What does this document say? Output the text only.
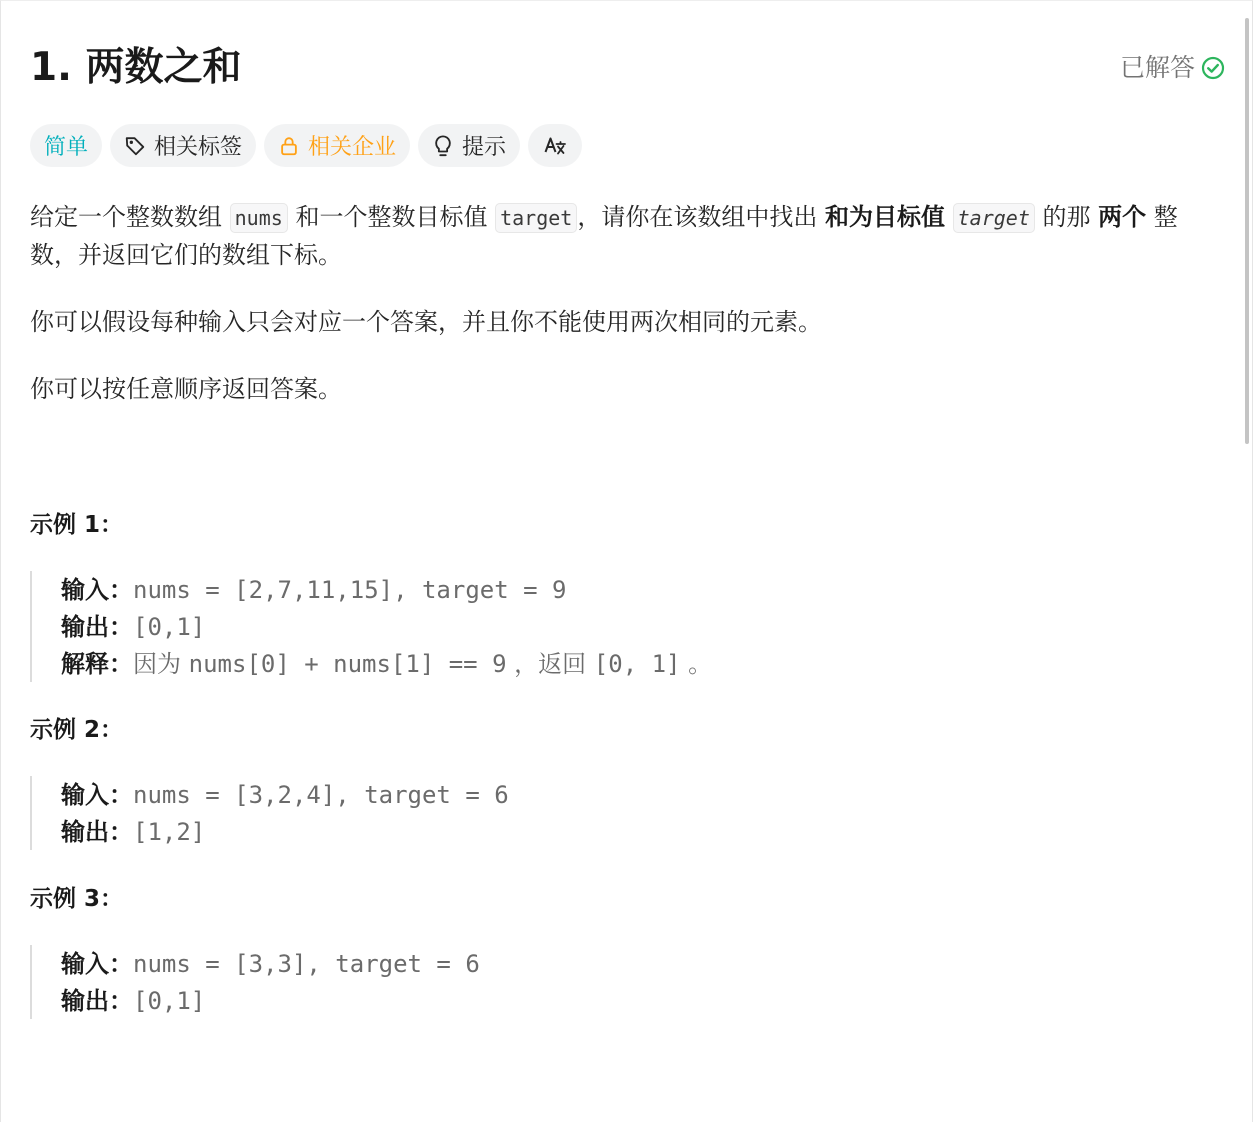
1. 两数之和	已解答
简单	相关标签	相关企业	提示
给定一个整数数组 nums 和一个整数目标值 target ，请你在该数组中找出 和为目标值 target 的那 两个 整数，并返回它们的数组下标。
你可以假设每种输入只会对应一个答案，并且你不能使用两次相同的元素。
你可以按任意顺序返回答案。
示例 1：
输入：nums = [2,7,11,15], target = 9
输出：[0,1]
解释：因为 nums[0] + nums[1] == 9 ，返回 [0, 1] 。
示例 2：
输入：nums = [3,2,4], target = 6
输出：[1,2]
示例 3：
输入：nums = [3,3], target = 6
输出：[0,1]
